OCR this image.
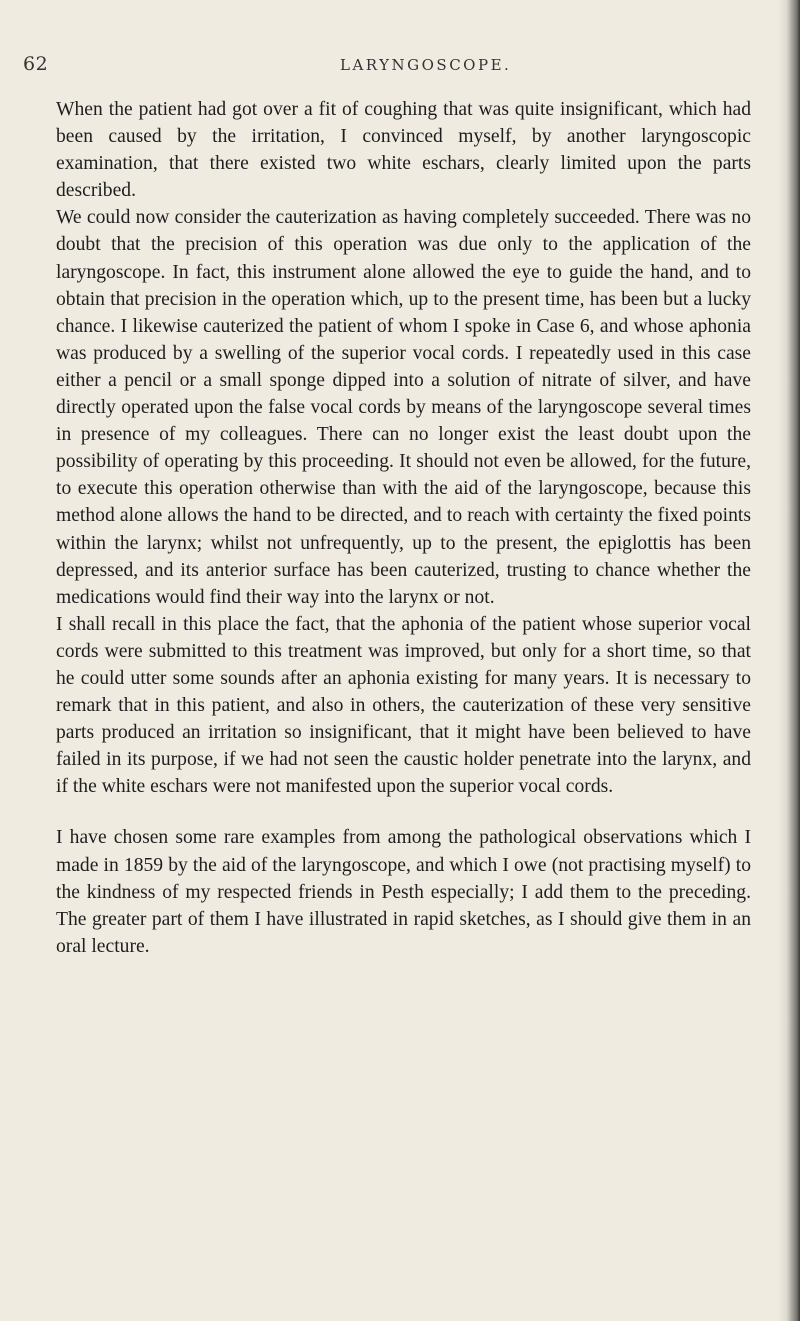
62	LARYNGOSCOPE.

When the patient had got over a fit of coughing that was quite insignificant, which had been caused by the irritation, I convinced myself, by another laryngoscopic examination, that there existed two white eschars, clearly limited upon the parts described.

We could now consider the cauterization as having completely succeeded. There was no doubt that the precision of this operation was due only to the application of the laryngoscope. In fact, this instrument alone allowed the eye to guide the hand, and to obtain that precision in the operation which, up to the present time, has been but a lucky chance. I likewise cauterized the patient of whom I spoke in Case 6, and whose aphonia was produced by a swelling of the superior vocal cords. I repeatedly used in this case either a pencil or a small sponge dipped into a solution of nitrate of silver, and have directly operated upon the false vocal cords by means of the laryngoscope several times in presence of my colleagues. There can no longer exist the least doubt upon the possibility of operating by this proceeding. It should not even be allowed, for the future, to execute this operation otherwise than with the aid of the laryngoscope, because this method alone allows the hand to be directed, and to reach with certainty the fixed points within the larynx; whilst not unfrequently, up to the present, the epiglottis has been depressed, and its anterior surface has been cauterized, trusting to chance whether the medications would find their way into the larynx or not.

I shall recall in this place the fact, that the aphonia of the patient whose superior vocal cords were submitted to this treatment was improved, but only for a short time, so that he could utter some sounds after an aphonia existing for many years. It is necessary to remark that in this patient, and also in others, the cauterization of these very sensitive parts produced an irritation so insignificant, that it might have been believed to have failed in its purpose, if we had not seen the caustic holder penetrate into the larynx, and if the white eschars were not manifested upon the superior vocal cords.

I have chosen some rare examples from among the pathological observations which I made in 1859 by the aid of the laryngoscope, and which I owe (not practising myself) to the kindness of my respected friends in Pesth especially; I add them to the preceding. The greater part of them I have illustrated in rapid sketches, as I should give them in an oral lecture.
